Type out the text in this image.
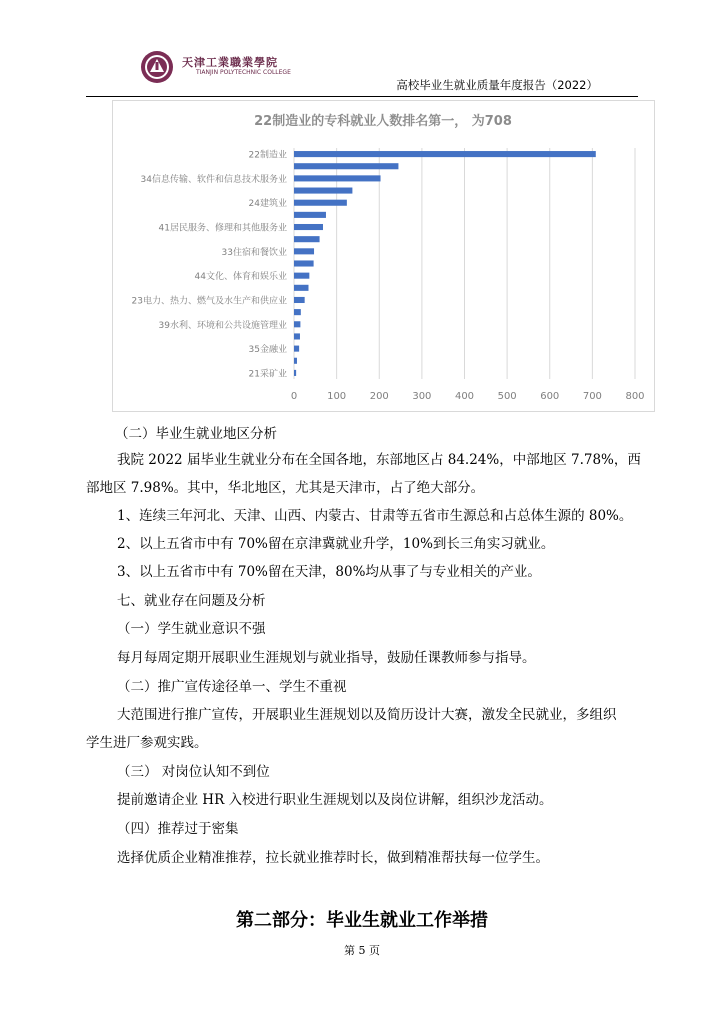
天津工業職業學院
TIANJIN POLYTECHNIC COLLEGE
高校毕业生就业质量年度报告（2022）
22制造业的专科就业人数排名第一， 为708
0	100 200 300 400 500 600 700 800
22制造业
34信息传输、软件和信息技术服务业
24建筑业
41居民服务、修理和其他服务业
33住宿和餐饮业
44文化、体育和娱乐业
23电力、热力、燃气及水生产和供应业
39水利、环境和公共设施管理业
35金融业
21采矿业
（二）毕业生就业地区分析
我院 2022 届毕业生就业分布在全国各地，东部地区占 84.24%，中部地区 7.78%，西
部地区 7.98%。其中，华北地区，尤其是天津市，占了绝大部分。
1、连续三年河北、天津、山西、内蒙古、甘肃等五省市生源总和占总体生源的 80%。
2、以上五省市中有 70%留在京津冀就业升学，10%到长三角实习就业。
3、以上五省市中有 70%留在天津，80%均从事了与专业相关的产业。
七、就业存在问题及分析
（一）学生就业意识不强
每月每周定期开展职业生涯规划与就业指导，鼓励任课教师参与指导。
（二）推广宣传途径单一、学生不重视
大范围进行推广宣传，开展职业生涯规划以及简历设计大赛，激发全民就业，多组织
学生进厂参观实践。
（三） 对岗位认知不到位
提前邀请企业 HR 入校进行职业生涯规划以及岗位讲解，组织沙龙活动。
（四）推荐过于密集
选择优质企业精准推荐，拉长就业推荐时长，做到精准帮扶每一位学生。
第二部分：毕业生就业工作举措
第 5 页
